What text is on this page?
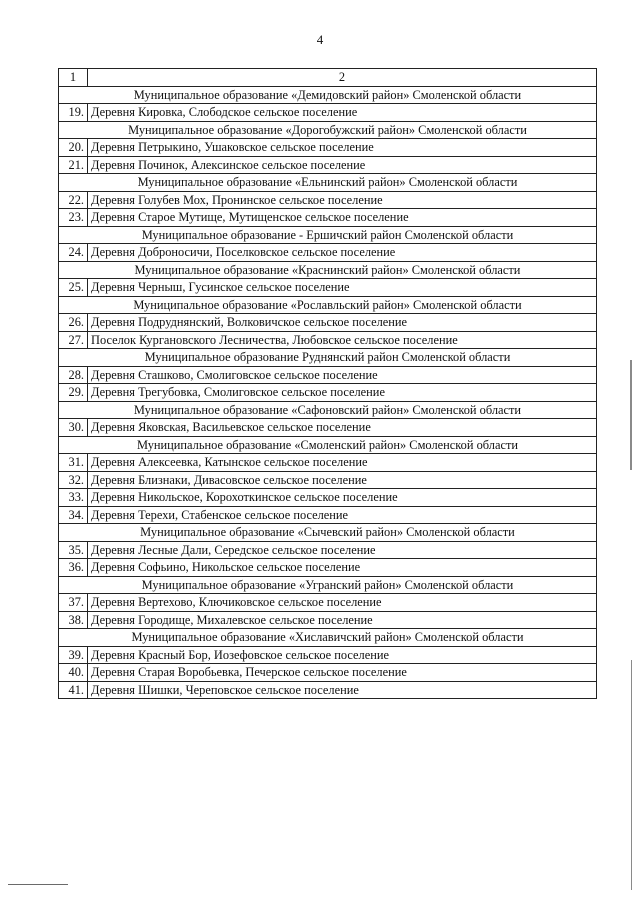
4
1	2
Муниципальное образование «Демидовский район» Смоленской области	
19.	Деревня Кировка, Слободское сельское поселение
Муниципальное образование «Дорогобужский район» Смоленской области	
20.	Деревня Петрыкино, Ушаковское сельское поселение
21.	Деревня Починок, Алексинское сельское поселение
Муниципальное образование «Ельнинский район» Смоленской области	
22.	Деревня Голубев Мох, Пронинское сельское поселение
23.	Деревня Старое Мутище, Мутищенское сельское поселение
Муниципальное образование - Ершичский район Смоленской области	
24.	Деревня Доброносичи, Поселковское сельское поселение
Муниципальное образование «Краснинский район» Смоленской области	
25.	Деревня Черныш, Гусинское сельское поселение
Муниципальное образование «Рославльский район» Смоленской области	
26.	Деревня Подруднянский, Волковичское сельское поселение
27.	Поселок Кургановского Лесничества, Любовское сельское поселение
Муниципальное образование Руднянский район Смоленской области	
28.	Деревня Сташково, Смолиговское сельское поселение
29.	Деревня Трегубовка, Смолиговское сельское поселение
Муниципальное образование «Сафоновский район» Смоленской области	
30.	Деревня Яковская, Васильевское сельское поселение
Муниципальное образование «Смоленский район» Смоленской области	
31.	Деревня Алексеевка, Катынское сельское поселение
32.	Деревня Близнаки, Дивасовское сельское поселение
33.	Деревня Никольское, Корохоткинское сельское поселение
34.	Деревня Терехи, Стабенское сельское поселение
Муниципальное образование «Сычевский район» Смоленской области	
35.	Деревня Лесные Дали, Середское сельское поселение
36.	Деревня Софьино, Никольское сельское поселение
Муниципальное образование «Угранский район» Смоленской области	
37.	Деревня Вертехово, Ключиковское сельское поселение
38.	Деревня Городище, Михалевское сельское поселение
Муниципальное образование «Хиславичский район» Смоленской области	
39.	Деревня Красный Бор, Иозефовское сельское поселение
40.	Деревня Старая Воробьевка, Печерское сельское поселение
41.	Деревня Шишки, Череповское сельское поселение
